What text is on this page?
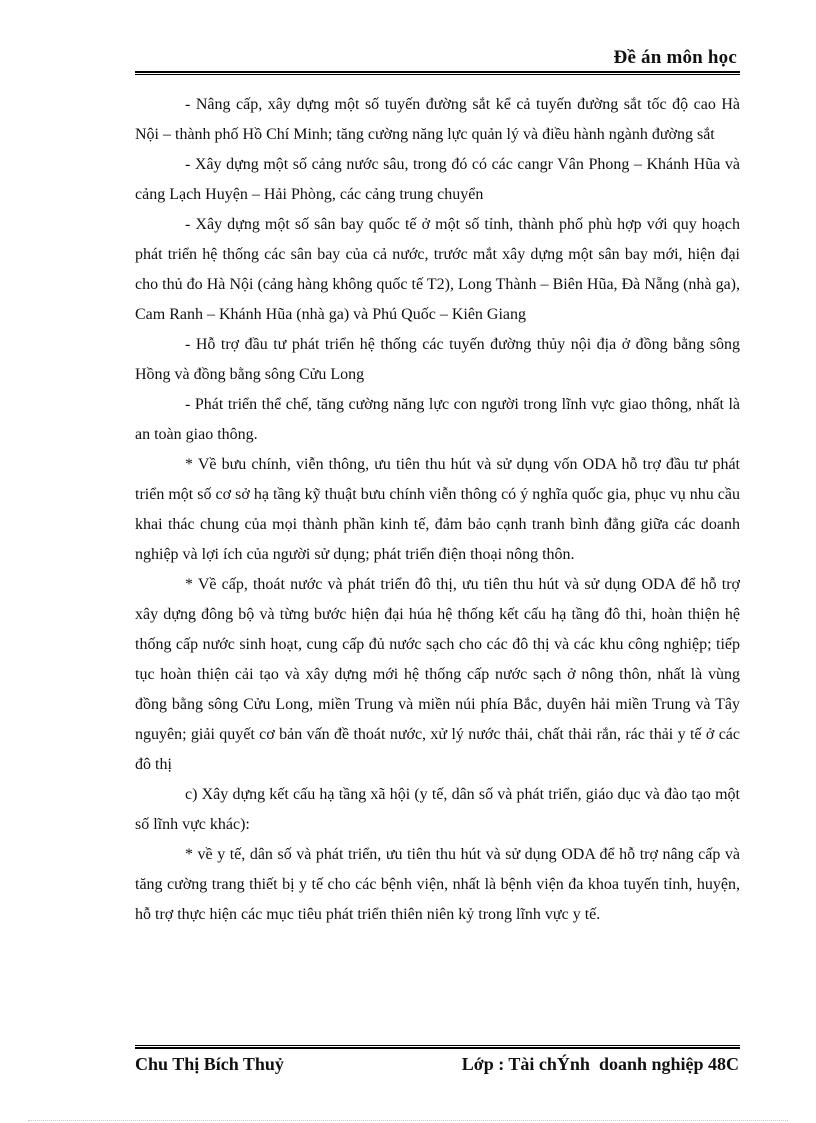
Đề án môn học

- Nâng cấp, xây dựng một số tuyến đường sắt kể cả tuyến đường sắt tốc độ cao Hà Nội – thành phố Hồ Chí Minh; tăng cường năng lực quản lý và điều hành ngành đường sắt

- Xây dựng một số cảng nước sâu, trong đó có các cangr Vân Phong – Khánh Hũa và cảng Lạch Huyện – Hải Phòng, các cảng trung chuyển

- Xây dựng một số sân bay quốc tế ở một số tỉnh, thành phố phù hợp với quy hoạch phát triển hệ thống các sân bay của cả nước, trước mắt xây dựng một sân bay mới, hiện đại cho thủ đo Hà Nội (cảng hàng không quốc tế T2), Long Thành – Biên Hũa, Đà Nẵng (nhà ga), Cam Ranh – Khánh Hũa (nhà ga) và Phú Quốc – Kiên Giang

- Hỗ trợ đầu tư phát triển hệ thống các tuyến đường thủy nội địa ở đồng bằng sông Hồng và đồng bằng sông Cửu Long

- Phát triển thể chế, tăng cường năng lực con người trong lĩnh vực giao thông, nhất là an toàn giao thông.

* Về bưu chính, viễn thông, ưu tiên thu hút và sử dụng vốn ODA hỗ trợ đầu tư phát triển một số cơ sở hạ tầng kỹ thuật bưu chính viễn thông có ý nghĩa quốc gia, phục vụ nhu cầu khai thác chung của mọi thành phần kinh tế, đảm bảo cạnh tranh bình đẳng giữa các doanh nghiệp và lợi ích của người sử dụng; phát triển điện thoại nông thôn.

* Về cấp, thoát nước và phát triển đô thị, ưu tiên thu hút và sử dụng ODA để hỗ trợ xây dựng đông bộ và từng bước hiện đại húa hệ thống kết cấu hạ tầng đô thi, hoàn thiện hệ thống cấp nước sinh hoạt, cung cấp đủ nước sạch cho các đô thị và các khu công nghiệp; tiếp tục hoàn thiện cải tạo và xây dựng mới hệ thống cấp nước sạch ở nông thôn, nhất là vùng đồng bằng sông Cửu Long, miền Trung và miền núi phía Bắc, duyên hải miền Trung và Tây nguyên; giải quyết cơ bản vấn đề thoát nước, xử lý nước thải, chất thải rắn, rác thải y tế ở các đô thị

c) Xây dựng kết cấu hạ tầng xã hội (y tế, dân số và phát triển, giáo dục và đào tạo một số lĩnh vực khác):

* về y tế, dân số và phát triển, ưu tiên thu hút và sử dụng ODA để hỗ trợ nâng cấp và tăng cường trang thiết bị y tế cho các bệnh viện, nhất là bệnh viện đa khoa tuyến tỉnh, huyện, hỗ trợ thực hiện các mục tiêu phát triển thiên niên kỷ trong lĩnh vực y tế.

Chu Thị Bích Thuỷ	Lớp : Tài chÝnh  doanh nghiệp 48C
